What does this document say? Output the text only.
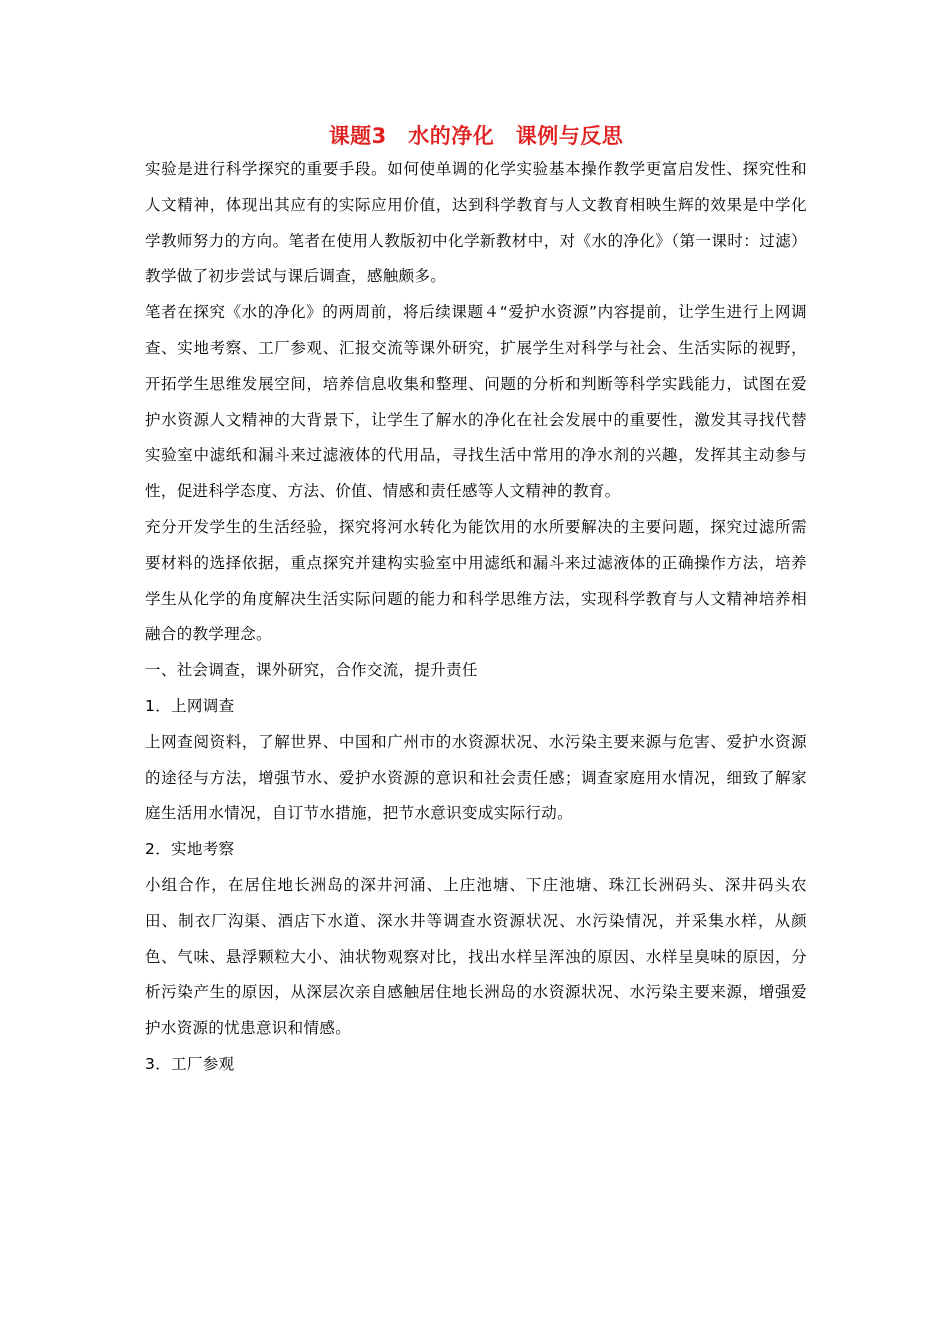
课题3　水的净化　课例与反思

实验是进行科学探究的重要手段。如何使单调的化学实验基本操作教学更富启发性、探究性和人文精神，体现出其应有的实际应用价值，达到科学教育与人文教育相映生辉的效果是中学化学教师努力的方向。笔者在使用人教版初中化学新教材中，对《水的净化》（第一课时：过滤）教学做了初步尝试与课后调查，感触颇多。

笔者在探究《水的净化》的两周前，将后续课题４“爱护水资源”内容提前，让学生进行上网调查、实地考察、工厂参观、汇报交流等课外研究，扩展学生对科学与社会、生活实际的视野，开拓学生思维发展空间，培养信息收集和整理、问题的分析和判断等科学实践能力，试图在爱护水资源人文精神的大背景下，让学生了解水的净化在社会发展中的重要性，激发其寻找代替实验室中滤纸和漏斗来过滤液体的代用品，寻找生活中常用的净水剂的兴趣，发挥其主动参与性，促进科学态度、方法、价值、情感和责任感等人文精神的教育。

充分开发学生的生活经验，探究将河水转化为能饮用的水所要解决的主要问题，探究过滤所需要材料的选择依据，重点探究并建构实验室中用滤纸和漏斗来过滤液体的正确操作方法，培养学生从化学的角度解决生活实际问题的能力和科学思维方法，实现科学教育与人文精神培养相融合的教学理念。

一、社会调查，课外研究，合作交流，提升责任

1．上网调查

上网查阅资料，了解世界、中国和广州市的水资源状况、水污染主要来源与危害、爱护水资源的途径与方法，增强节水、爱护水资源的意识和社会责任感；调查家庭用水情况，细致了解家庭生活用水情况，自订节水措施，把节水意识变成实际行动。

2．实地考察

小组合作，在居住地长洲岛的深井河涌、上庄池塘、下庄池塘、珠江长洲码头、深井码头农田、制衣厂沟渠、酒店下水道、深水井等调查水资源状况、水污染情况，并采集水样，从颜色、气味、悬浮颗粒大小、油状物观察对比，找出水样呈浑浊的原因、水样呈臭味的原因，分析污染产生的原因，从深层次亲自感触居住地长洲岛的水资源状况、水污染主要来源，增强爱护水资源的忧患意识和情感。

3．工厂参观
